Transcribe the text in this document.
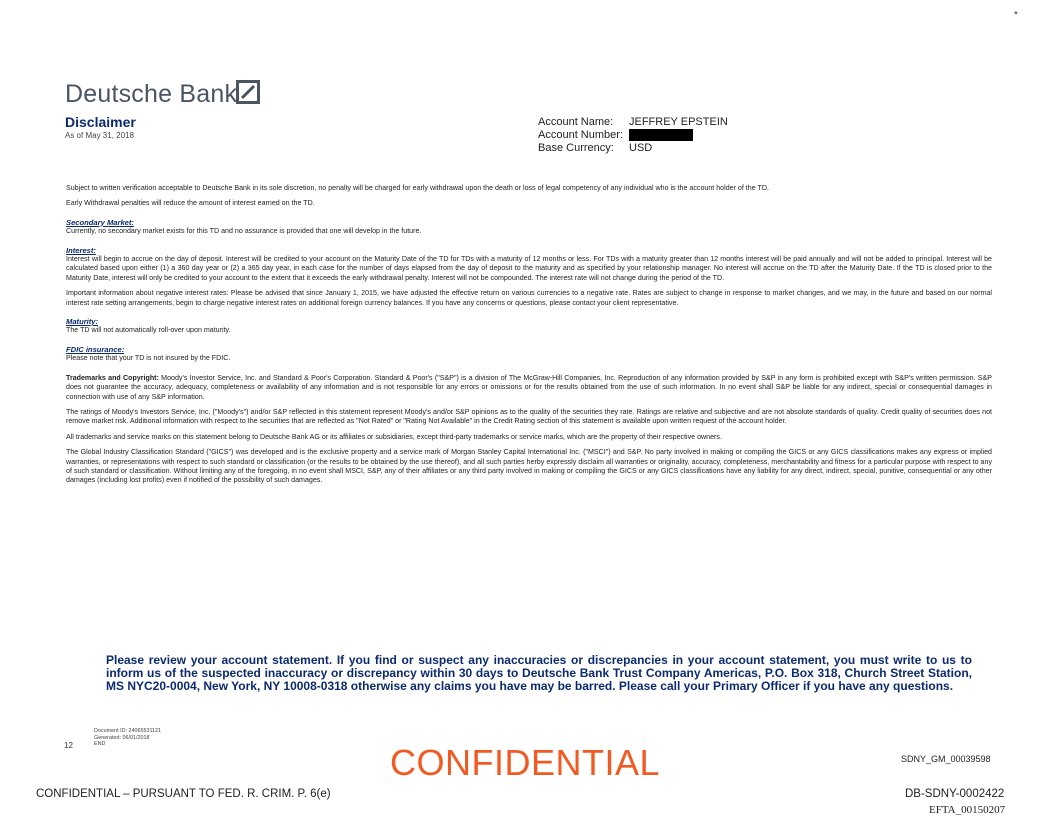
*
Deutsche Bank
Disclaimer
As of May 31, 2018
Account Name:	JEFFREY EPSTEIN
Account Number:
Base Currency:	USD

Subject to written verification acceptable to Deutsche Bank in its sole discretion, no penalty will be charged for early withdrawal upon the death or loss of legal competency of any individual who is the account holder of the TD.

Early Withdrawal penalties will reduce the amount of interest earned on the TD.

Secondary Market:

Currently, no secondary market exists for this TD and no assurance is provided that one will develop in the future.

Interest:

Interest will begin to accrue on the day of deposit. Interest will be credited to your account on the Maturity Date of the TD for TDs with a maturity of 12 months or less. For TDs with a maturity greater than 12 months interest will be paid annually and will not be added to principal. Interest will be calculated based upon either (1) a 360 day year or (2) a 365 day year, in each case for the number of days elapsed from the day of deposit to the maturity and as specified by your relationship manager. No interest will accrue on the TD after the Maturity Date. If the TD is closed prior to the Maturity Date, interest will only be credited to your account to the extent that it exceeds the early withdrawal penalty. Interest will not be compounded. The interest rate will not change during the period of the TD.

Important information about negative interest rates: Please be advised that since January 1, 2015, we have adjusted the effective return on various currencies to a negative rate. Rates are subject to change in response to market changes, and we may, in the future and based on our normal interest rate setting arrangements, begin to charge negative interest rates on additional foreign currency balances. If you have any concerns or questions, please contact your client representative.

Maturity:

The TD will not automatically roll-over upon maturity.

FDIC insurance:

Please note that your TD is not insured by the FDIC.

Trademarks and Copyright: Moody's Investor Service, Inc. and Standard & Poor's Corporation. Standard & Poor's ("S&P") is a division of The McGraw-Hill Companies, Inc. Reproduction of any information provided by S&P in any form is prohibited except with S&P's written permission. S&P does not guarantee the accuracy, adequacy, completeness or availability of any information and is not responsible for any errors or omissions or for the results obtained from the use of such information. In no event shall S&P be liable for any indirect, special or consequential damages in connection with use of any S&P information.

The ratings of Moody's Investors Service, Inc. ("Moody's") and/or S&P reflected in this statement represent Moody's and/or S&P opinions as to the quality of the securities they rate. Ratings are relative and subjective and are not absolute standards of quality. Credit quality of securities does not remove market risk. Additional information with respect to the securities that are reflected as "Not Rated" or "Rating Not Available" in the Credit Rating section of this statement is available upon written request of the account holder.

All trademarks and service marks on this statement belong to Deutsche Bank AG or its affiliates or subsidiaries, except third-party trademarks or service marks, which are the property of their respective owners.

The Global Industry Classification Standard ("GICS") was developed and is the exclusive property and a service mark of Morgan Stanley Capital International Inc. ("MSCI") and S&P. No party involved in making or compiling the GICS or any GICS classifications makes any express or implied warranties, or representations with respect to such standard or classification (or the results to be obtained by the use thereof), and all such parties herby expressly disclaim all warranties or originality, accuracy, completeness, merchantability and fitness for a particular purpose with respect to any of such standard or classification. Without limiting any of the foregoing, in no event shall MSCI, S&P, any of their affiliates or any third party involved in making or compiling the GICS or any GICS classifications have any liability for any direct, indirect, special, punitive, consequential or any other damages (including lost profits) even if notified of the possibility of such damages.

Please review your account statement. If you find or suspect any inaccuracies or discrepancies in your account statement, you must write to us to inform us of the suspected inaccuracy or discrepancy within 30 days to Deutsche Bank Trust Company Americas, P.O. Box 318, Church Street Station, MS NYC20-0004, New York, NY 10008-0318 otherwise any claims you have may be barred. Please call your Primary Officer if you have any questions.
Document ID: 24065531121
Generated: 06/01/2018
END
12	CONFIDENTIAL	SDNY_GM_00039598
CONFIDENTIAL – PURSUANT TO FED. R. CRIM. P. 6(e)	DB-SDNY-0002422
EFTA_00150207
